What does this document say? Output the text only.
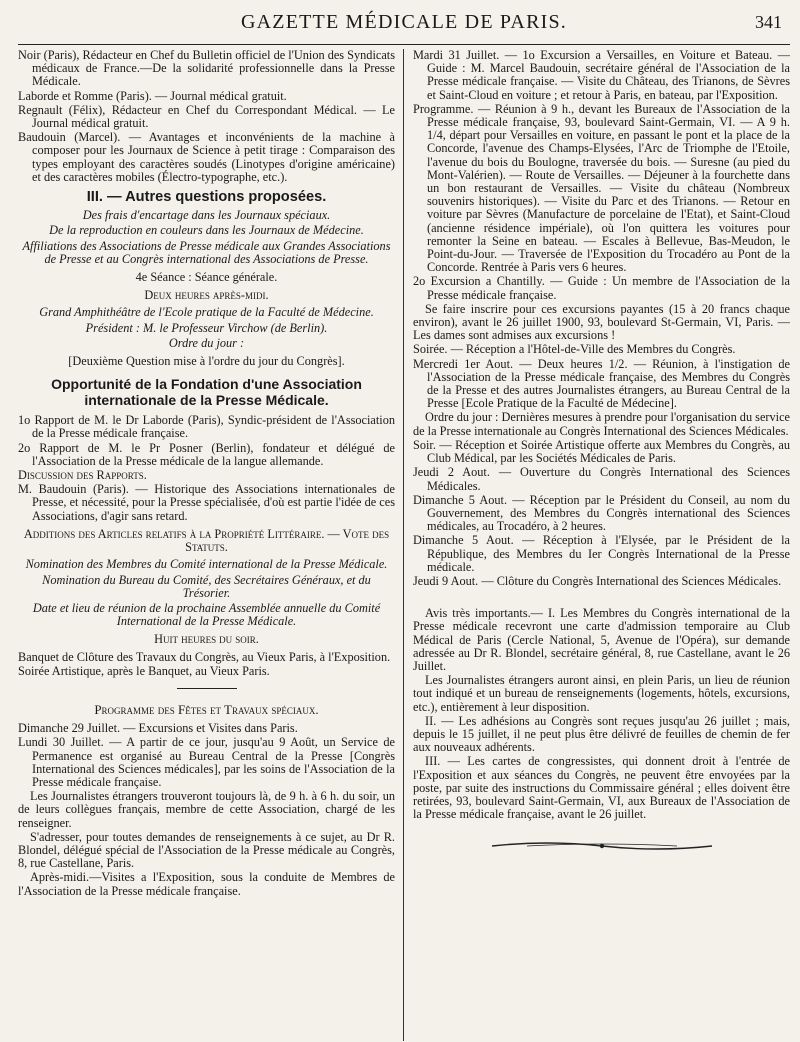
GAZETTE MÉDICALE DE PARIS.	341

Noir (Paris), Rédacteur en Chef du Bulletin officiel de l'Union des Syndicats médicaux de France.—De la solidarité professionnelle dans la Presse Médicale.

Laborde et Romme (Paris). — Journal médical gratuit.

Regnault (Félix), Rédacteur en Chef du Correspondant Médical. — Le Journal médical gratuit.

Baudouin (Marcel). — Avantages et inconvénients de la machine à composer pour les Journaux de Science à petit tirage : Comparaison des types employant des caractères soudés (Linotypes d'origine américaine) et des caractères mobiles (Électro-typographe, etc.).

III. — Autres questions proposées.

Des frais d'encartage dans les Journaux spéciaux.

De la reproduction en couleurs dans les Journaux de Médecine.

Affiliations des Associations de Presse médicale aux Grandes Associations de Presse et au Congrès international des Associations de Presse.

4e Séance : Séance générale.

Deux heures après-midi.

Grand Amphithéâtre de l'Ecole pratique de la Faculté de Médecine.

Président : M. le Professeur Virchow (de Berlin).

Ordre du jour :

[Deuxième Question mise à l'ordre du jour du Congrès].

Opportunité de la Fondation d'une Association internationale de la Presse Médicale.

1o Rapport de M. le Dr Laborde (Paris), Syndic-président de l'Association de la Presse médicale française.

2o Rapport de M. le Pr Posner (Berlin), fondateur et délégué de l'Association de la Presse médicale de la langue allemande.

Discussion des Rapports.

M. Baudouin (Paris). — Historique des Associations internationales de Presse, et nécessité, pour la Presse spécialisée, d'où est partie l'idée de ces Associations, d'agir sans retard.

Additions des Articles relatifs à la Propriété Littéraire. — Vote des Statuts.

Nomination des Membres du Comité international de la Presse Médicale.

Nomination du Bureau du Comité, des Secrétaires Généraux, et du Trésorier.

Date et lieu de réunion de la prochaine Assemblée annuelle du Comité International de la Presse Médicale.

Huit heures du soir.

Banquet de Clôture des Travaux du Congrès, au Vieux Paris, à l'Exposition.

Soirée Artistique, après le Banquet, au Vieux Paris.

Programme des Fêtes et Travaux spéciaux.

Dimanche 29 Juillet. — Excursions et Visites dans Paris.

Lundi 30 Juillet. — A partir de ce jour, jusqu'au 9 Août, un Service de Permanence est organisé au Bureau Central de la Presse [Congrès International des Sciences médicales], par les soins de l'Association de la Presse médicale française.

Les Journalistes étrangers trouveront toujours là, de 9 h. à 6 h. du soir, un de leurs collègues français, membre de cette Association, chargé de les renseigner.

S'adresser, pour toutes demandes de renseignements à ce sujet, au Dr R. Blondel, délégué spécial de l'Association de la Presse médicale au Congrès, 8, rue Castellane, Paris.

Après-midi.—Visites a l'Exposition, sous la conduite de Membres de l'Association de la Presse médicale française.

Mardi 31 Juillet. — 1o Excursion a Versailles, en Voiture et Bateau. — Guide : M. Marcel Baudouin, secrétaire général de l'Association de la Presse médicale française. — Visite du Château, des Trianons, de Sèvres et Saint-Cloud en voiture ; et retour à Paris, en bateau, par l'Exposition.

Programme. — Réunion à 9 h., devant les Bureaux de l'Association de la Presse médicale française, 93, boulevard Saint-Germain, VI. — A 9 h. 1/4, départ pour Versailles en voiture, en passant le pont et la place de la Concorde, l'avenue des Champs-Elysées, l'Arc de Triomphe de l'Etoile, l'avenue du bois du Boulogne, traversée du bois. — Suresne (au pied du Mont-Valérien). — Route de Versailles. — Déjeuner à la fourchette dans un bon restaurant de Versailles. — Visite du château (Nombreux souvenirs historiques). — Visite du Parc et des Trianons. — Retour en voiture par Sèvres (Manufacture de porcelaine de l'Etat), et Saint-Cloud (ancienne résidence impériale), où l'on quittera les voitures pour remonter la Seine en bateau. — Escales à Bellevue, Bas-Meudon, le Point-du-Jour. — Traversée de l'Exposition du Trocadéro au Pont de la Concorde. Rentrée à Paris vers 6 heures.

2o Excursion a Chantilly. — Guide : Un membre de l'Association de la Presse médicale française.

Se faire inscrire pour ces excursions payantes (15 à 20 francs chaque environ), avant le 26 juillet 1900, 93, boulevard St-Germain, VI, Paris. — Les dames sont admises aux excursions !

Soirée. — Réception a l'Hôtel-de-Ville des Membres du Congrès.

Mercredi 1er Aout. — Deux heures 1/2. — Réunion, à l'instigation de l'Association de la Presse médicale française, des Membres du Congrès de la Presse et des autres Journalistes étrangers, au Bureau Central de la Presse [Ecole Pratique de la Faculté de Médecine].

Ordre du jour : Dernières mesures à prendre pour l'organisation du service de la Presse internationale au Congrès International des Sciences Médicales.

Soir. — Réception et Soirée Artistique offerte aux Membres du Congrès, au Club Médical, par les Sociétés Médicales de Paris.

Jeudi 2 Aout. — Ouverture du Congrès International des Sciences Médicales.

Dimanche 5 Aout. — Réception par le Président du Conseil, au nom du Gouvernement, des Membres du Congrès international des Sciences médicales, au Trocadéro, à 2 heures.

Dimanche 5 Aout. — Réception à l'Elysée, par le Président de la République, des Membres du Ier Congrès International de la Presse médicale.

Jeudi 9 Aout. — Clôture du Congrès International des Sciences Médicales.

Avis très importants.— I. Les Membres du Congrès international de la Presse médicale recevront une carte d'admission temporaire au Club Médical de Paris (Cercle National, 5, Avenue de l'Opéra), sur demande adressée au Dr R. Blondel, secrétaire général, 8, rue Castellane, avant le 26 Juillet.

Les Journalistes étrangers auront ainsi, en plein Paris, un lieu de réunion tout indiqué et un bureau de renseignements (logements, hôtels, excursions, etc.), entièrement à leur disposition.

II. — Les adhésions au Congrès sont reçues jusqu'au 26 juillet ; mais, depuis le 15 juillet, il ne peut plus être délivré de feuilles de chemin de fer aux nouveaux adhérents.

III. — Les cartes de congressistes, qui donnent droit à l'entrée de l'Exposition et aux séances du Congrès, ne peuvent être envoyées par la poste, par suite des instructions du Commissaire général ; elles doivent être retirées, 93, boulevard Saint-Germain, VI, aux Bureaux de l'Association de la Presse médicale française, avant le 26 juillet.
